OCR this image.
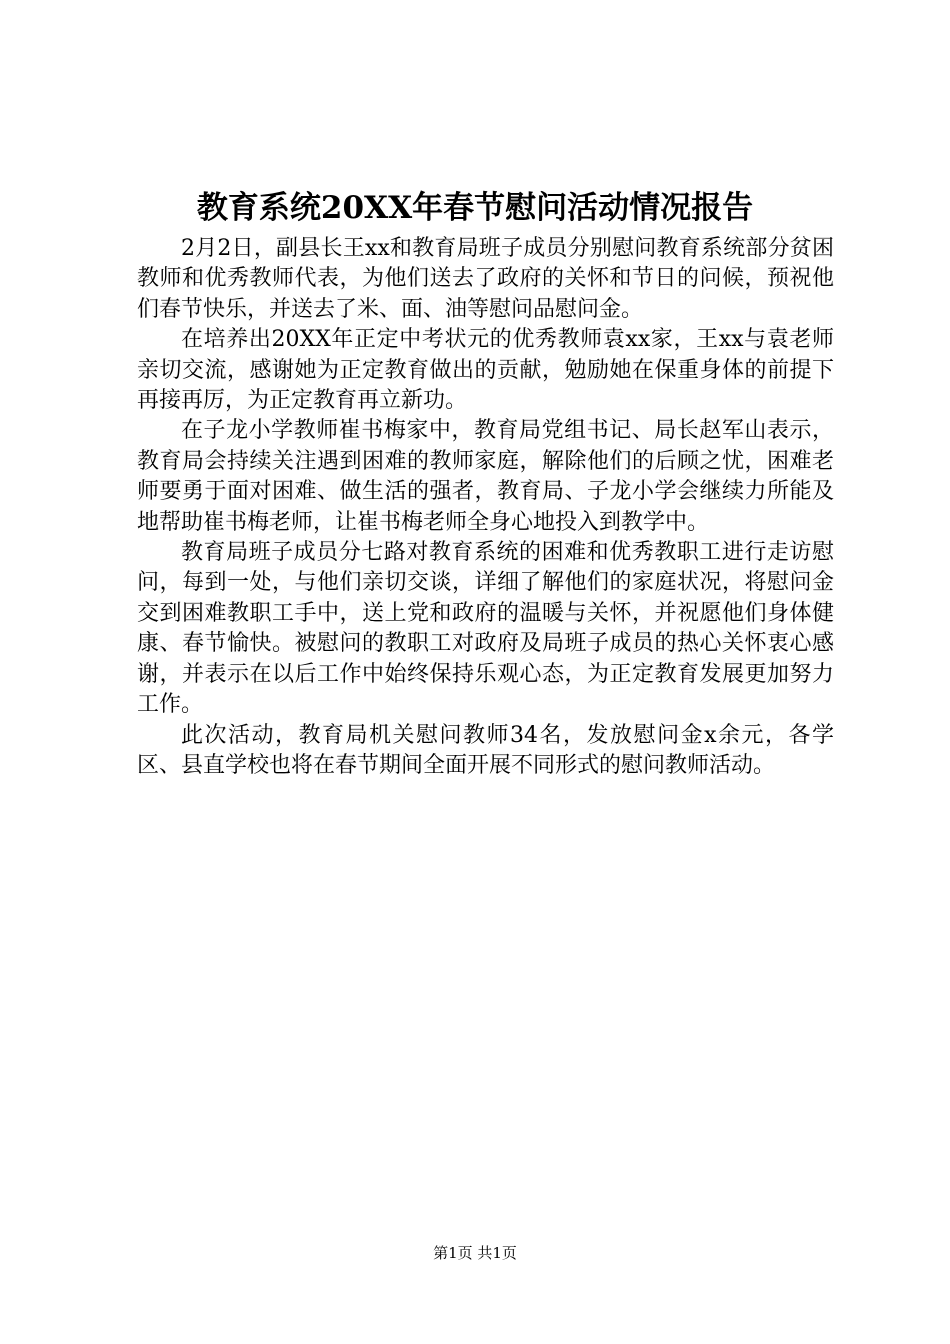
教育系统20XX年春节慰问活动情况报告

2月2日，副县长王xx和教育局班子成员分别慰问教育系统部分贫困教师和优秀教师代表，为他们送去了政府的关怀和节日的问候，预祝他们春节快乐，并送去了米、面、油等慰问品慰问金。

在培养出20XX年正定中考状元的优秀教师袁xx家，王xx与袁老师亲切交流，感谢她为正定教育做出的贡献，勉励她在保重身体的前提下再接再厉，为正定教育再立新功。

在子龙小学教师崔书梅家中，教育局党组书记、局长赵军山表示，教育局会持续关注遇到困难的教师家庭，解除他们的后顾之忧，困难老师要勇于面对困难、做生活的强者，教育局、子龙小学会继续力所能及地帮助崔书梅老师，让崔书梅老师全身心地投入到教学中。

教育局班子成员分七路对教育系统的困难和优秀教职工进行走访慰问，每到一处，与他们亲切交谈，详细了解他们的家庭状况，将慰问金交到困难教职工手中，送上党和政府的温暖与关怀，并祝愿他们身体健康、春节愉快。被慰问的教职工对政府及局班子成员的热心关怀衷心感谢，并表示在以后工作中始终保持乐观心态，为正定教育发展更加努力工作。

此次活动，教育局机关慰问教师34名，发放慰问金x余元，各学区、县直学校也将在春节期间全面开展不同形式的慰问教师活动。

第1页 共1页
